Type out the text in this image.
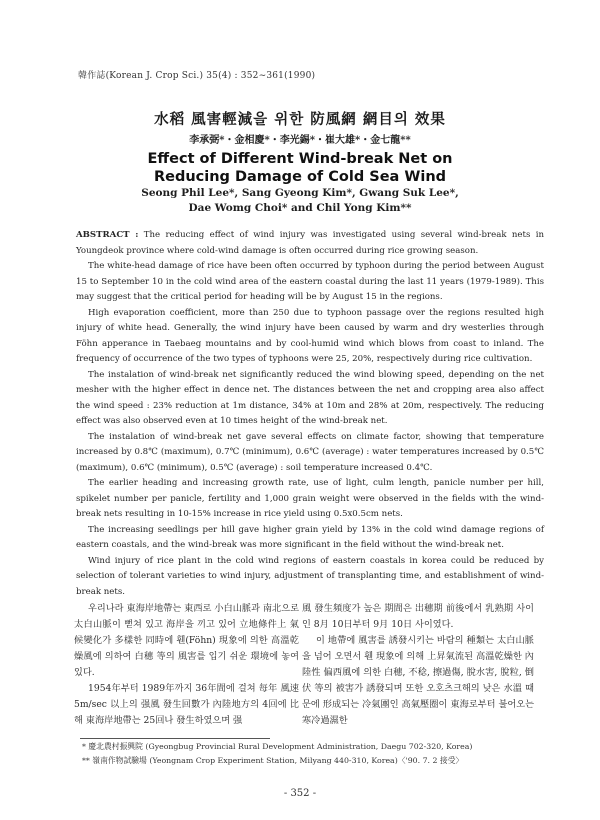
韓作誌(Korean J. Crop Sci.) 35(4) : 352∼361(1990)
水稻 風害輕減을 위한 防風網 網目의 效果
李承弼*・金相慶*・李光錫*・崔大雄*・金七龍**
Effect of Different Wind-break Net on
Reducing Damage of Cold Sea Wind
Seong Phil Lee*, Sang Gyeong Kim*, Gwang Suk Lee*,
Dae Womg Choi* and Chil Yong Kim**

ABSTRACT : The reducing effect of wind injury was investigated using several wind-break nets in Youngdeok province where cold-wind damage is often occurred during rice growing season.

The white-head damage of rice have been often occurred by typhoon during the period between August 15 to September 10 in the cold wind area of the eastern coastal during the last 11 years (1979-1989). This may suggest that the critical period for heading will be by August 15 in the regions.

High evaporation coefficient, more than 250 due to typhoon passage over the regions resulted high injury of white head. Generally, the wind injury have been caused by warm and dry westerlies through Föhn apperance in Taebaeg mountains and by cool-humid wind which blows from coast to inland. The frequency of occurrence of the two types of typhoons were 25, 20%, respectively during rice cultivation.

The instalation of wind-break net significantly reduced the wind blowing speed, depending on the net mesher with the higher effect in dence net. The distances between the net and cropping area also affect the wind speed : 23% reduction at 1m distance, 34% at 10m and 28% at 20m, respectively. The reducing effect was also observed even at 10 times height of the wind-break net.

The instalation of wind-break net gave several effects on climate factor, showing that temperature increased by 0.8℃ (maximum), 0.7℃ (minimum), 0.6℃ (average) : water temperatures increased by 0.5℃ (maximum), 0.6℃ (minimum), 0.5℃ (average) : soil temperature increased 0.4℃.

The earlier heading and increasing growth rate, use of light, culm length, panicle number per hill, spikelet number per panicle, fertility and 1,000 grain weight were observed in the fields with the wind-break nets resulting in 10-15% increase in rice yield using 0.5x0.5cm nets.

The increasing seedlings per hill gave higher grain yield by 13% in the cold wind damage regions of eastern coastals, and the wind-break was more significant in the field without the wind-break net.

Wind injury of rice plant in the cold wind regions of eastern coastals in korea could be reduced by selection of tolerant varieties to wind injury, adjustment of transplanting time, and establishment of wind-break nets.

우리나라 東海岸地帶는 東西로 小白山脈과 南北으로 太白山脈이 뻗쳐 있고 海岸을 끼고 있어 立地條件上 氣候變化가 多樣한 同時에 휀(Föhn) 現象에 의한 高溫乾燥風에 의하여 白穗 等의 風害를 입기 쉬운 環境에 놓여 있다.

1954年부터 1989年까지 36年間에 걸쳐 每年 風速 5m/sec 以上의 强風 發生回數가 內陸地方의 4回에 比해 東海岸地帶는 25回나 發生하였으며 强

風 發生頻度가 높은 期間은 出穗期 前後에서 乳熟期 사이인 8月 10日부터 9月 10日 사이였다.

이 地帶에 風害를 誘發시키는 바람의 種類는 太白山脈을 넘어 오면서 휀 現象에 의해 上昇氣流된 高溫乾燥한 內陸性 偏西風에 의한 白穗, 不稔, 擦過傷, 脫水害, 脫粒, 倒伏 等의 被害가 誘發되며 또한 오호츠크해의 낮은 水溫 때문에 形成되는 冷氣團인 高氣壓圈이 東海로부터 불어오는 寒冷過濕한

* 慶北農村振興院 (Gyeongbug Provincial Rural Development Administration, Daegu 702-320, Korea)
** 嶺南作物試驗場 (Yeongnam Crop Experiment Station, Milyang 440-310, Korea)〈'90. 7. 2 接受〉
- 352 -
